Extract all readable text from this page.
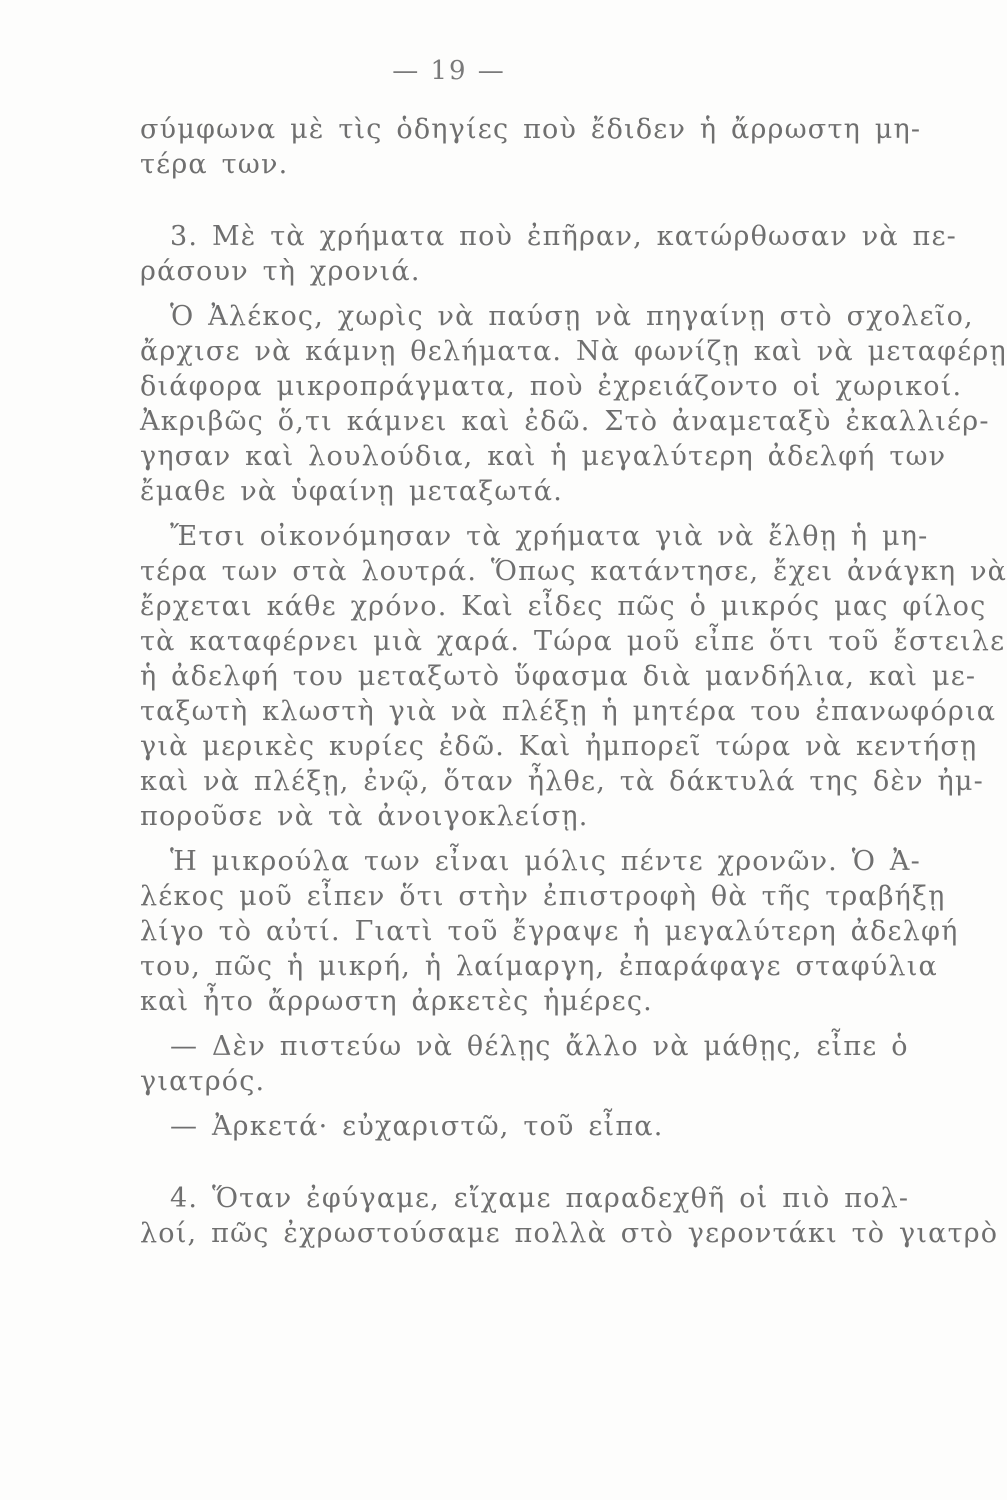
— 19 —
σύμφωνα μὲ τὶς ὁδηγίες ποὺ ἔδιδεν ἡ ἄρρωστη μη-
τέρα των.
3. Μὲ τὰ χρήματα ποὺ ἐπῆραν, κατώρθωσαν νὰ πε-
ράσουν τὴ χρονιά.
Ὁ Ἀλέκος, χωρὶς νὰ παύσῃ νὰ πηγαίνῃ στὸ σχολεῖο,
ἄρχισε νὰ κάμνῃ θελήματα. Νὰ φωνίζῃ καὶ νὰ μεταφέρῃ
διάφορα μικροπράγματα, ποὺ ἐχρειάζοντο οἱ χωρικοί.
Ἀκριβῶς ὅ,τι κάμνει καὶ ἐδῶ. Στὸ ἀναμεταξὺ ἐκαλλιέρ-
γησαν καὶ λουλούδια, καὶ ἡ μεγαλύτερη ἀδελφή των
ἔμαθε νὰ ὑφαίνῃ μεταξωτά.
Ἔτσι οἰκονόμησαν τὰ χρήματα γιὰ νὰ ἔλθῃ ἡ μη-
τέρα των στὰ λουτρά. Ὅπως κατάντησε, ἔχει ἀνάγκη νὰ
ἔρχεται κάθε χρόνο. Καὶ εἶδες πῶς ὁ μικρός μας φίλος
τὰ καταφέρνει μιὰ χαρά. Τώρα μοῦ εἶπε ὅτι τοῦ ἔστειλε
ἡ ἀδελφή του μεταξωτὸ ὕφασμα διὰ μανδήλια, καὶ με-
ταξωτὴ κλωστὴ γιὰ νὰ πλέξῃ ἡ μητέρα του ἐπανωφόρια
γιὰ μερικὲς κυρίες ἐδῶ. Καὶ ἠμπορεῖ τώρα νὰ κεντήσῃ
καὶ νὰ πλέξῃ, ἐνῷ, ὅταν ἦλθε, τὰ δάκτυλά της δὲν ἠμ-
ποροῦσε νὰ τὰ ἀνοιγοκλείσῃ.
Ἡ μικρούλα των εἶναι μόλις πέντε χρονῶν. Ὁ Ἀ-
λέκος μοῦ εἶπεν ὅτι στὴν ἐπιστροφὴ θὰ τῆς τραβήξῃ
λίγο τὸ αὐτί. Γιατὶ τοῦ ἔγραψε ἡ μεγαλύτερη ἀδελφή
του, πῶς ἡ μικρή, ἡ λαίμαργη, ἐπαράφαγε σταφύλια
καὶ ἦτο ἄρρωστη ἀρκετὲς ἡμέρες.
— Δὲν πιστεύω νὰ θέλῃς ἄλλο νὰ μάθῃς, εἶπε ὁ
γιατρός.
— Ἀρκετά· εὐχαριστῶ, τοῦ εἶπα.
4. Ὅταν ἐφύγαμε, εἴχαμε παραδεχθῆ οἱ πιὸ πολ-
λοί, πῶς ἐχρωστούσαμε πολλὰ στὸ γεροντάκι τὸ γιατρὸ
